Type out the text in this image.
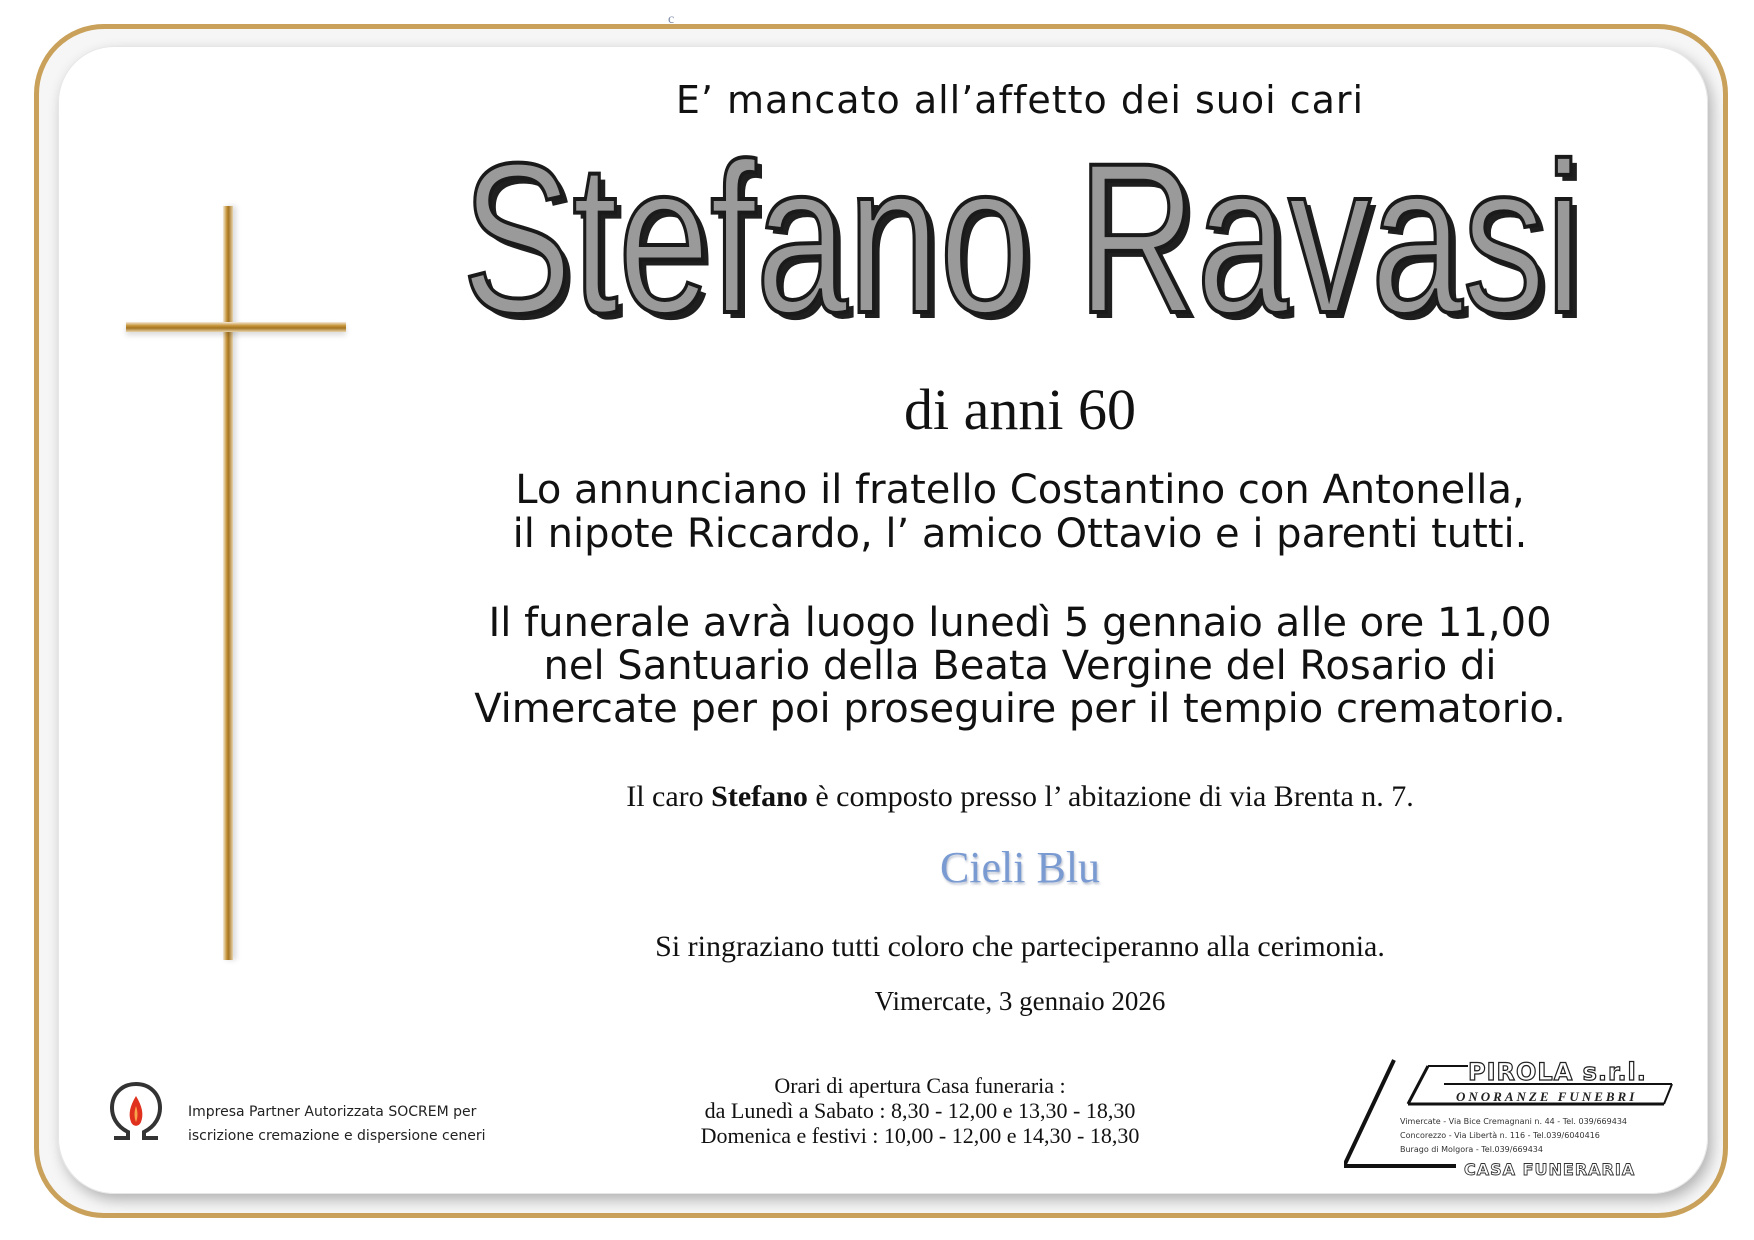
c
E’ mancato all’affetto dei suoi cari
Stefano Ravasi
Stefano Ravasi
di anni 60
Lo annunciano il fratello Costantino con Antonella,
il nipote Riccardo, l’ amico Ottavio e i parenti tutti.
Il funerale avrà luogo lunedì 5 gennaio alle ore 11,00
nel Santuario della Beata Vergine del Rosario di
Vimercate per poi proseguire per il tempio crematorio.
Il caro Stefano è composto presso l’ abitazione di via Brenta n. 7.
Cieli Blu
Si ringraziano tutti coloro che parteciperanno alla cerimonia.
Vimercate, 3 gennaio 2026
Impresa Partner Autorizzata SOCREM per
iscrizione cremazione e dispersione ceneri
Orari di apertura Casa funeraria :
da Lunedì a Sabato : 8,30 - 12,00 e 13,30 - 18,30
Domenica e festivi : 10,00 - 12,00 e 14,30 - 18,30
PIROLA s.r.l.
ONORANZE FUNEBRI
Vimercate - Via Bice Cremagnani n. 44 - Tel. 039/669434
Concorezzo - Via Libertà n. 116 - Tel.039/6040416
Burago di Molgora - Tel.039/669434
CASA FUNERARIA
